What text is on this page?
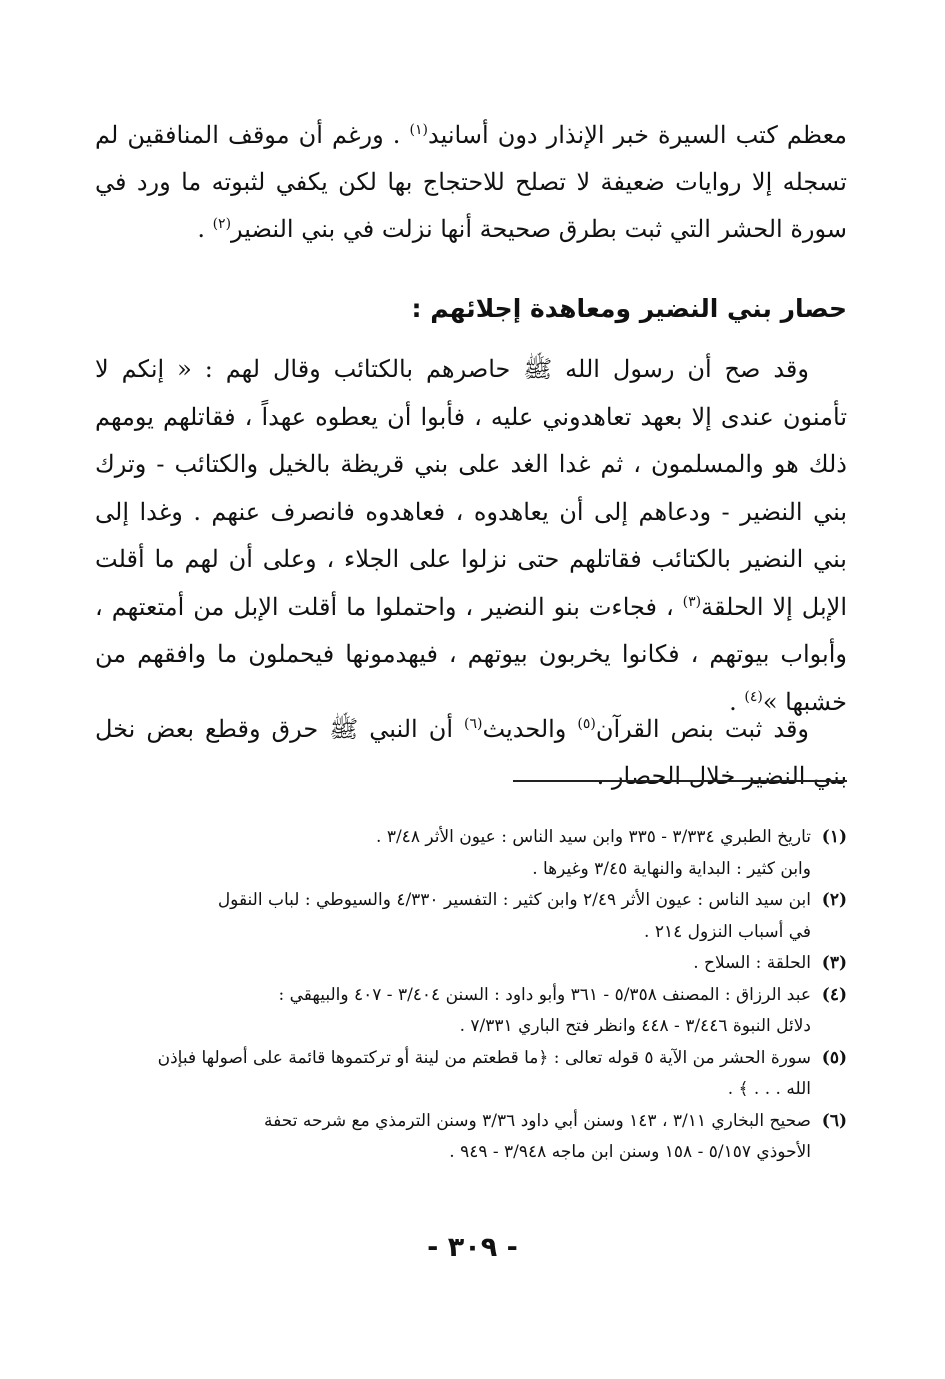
معظم كتب السيرة خبر الإنذار دون أسانيد$^{(١)}$ . ورغم أن موقف المنافقين لم تسجله إلا روايات ضعيفة لا تصلح للاحتجاج بها لكن يكفي لثبوته ما ورد في سورة الحشر التي ثبت بطرق صحيحة أنها نزلت في بني النضير$^{(٢)}$ .

حصار بني النضير ومعاهدة إجلائهم :

وقد صح أن رسول الله ﷺ حاصرهم بالكتائب وقال لهم : « إنكم لا تأمنون عندى إلا بعهد تعاهدوني عليه ، فأبوا أن يعطوه عهداً ، فقاتلهم يومهم ذلك هو والمسلمون ، ثم غدا الغد على بني قريظة بالخيل والكتائب - وترك بني النضير - ودعاهم إلى أن يعاهدوه ، فعاهدوه فانصرف عنهم . وغدا إلى بني النضير بالكتائب فقاتلهم حتى نزلوا على الجلاء ، وعلى أن لهم ما أقلت الإبل إلا الحلقة$^{(٣)}$ ، فجاءت بنو النضير ، واحتملوا ما أقلت الإبل من أمتعتهم ، وأبواب بيوتهم ، فكانوا يخربون بيوتهم ، فيهدمونها فيحملون ما وافقهم من خشبها »$^{(٤)}$ .

وقد ثبت بنص القرآن$^{(٥)}$ والحديث$^{(٦)}$ أن النبي ﷺ حرق وقطع بعض نخل بني النضير خلال الحصار .

(١)
تاريخ الطبري ٣/٣٣٤ - ٣٣٥ وابن سيد الناس : عيون الأثر ٣/٤٨ .
وابن كثير : البداية والنهاية ٣/٤٥ وغيرها .
(٢)
ابن سيد الناس : عيون الأثر ٢/٤٩ وابن كثير : التفسير ٤/٣٣٠ والسيوطي : لباب النقول
في أسباب النزول ٢١٤ .
(٣)
الحلقة : السلاح .
(٤)
عبد الرزاق : المصنف ٥/٣٥٨ - ٣٦١ وأبو داود : السنن ٣/٤٠٤ - ٤٠٧ والبيهقي :
دلائل النبوة ٣/٤٤٦ - ٤٤٨ وانظر فتح الباري ٧/٣٣١ .
(٥)
سورة الحشر من الآية ٥ قوله تعالى : ﴿ما قطعتم من لينة أو تركتموها قائمة على أصولها فبإذن
الله . . . ﴾ .
(٦)
صحيح البخاري ٣/١١ ، ١٤٣ وسنن أبي داود ٣/٣٦ وسنن الترمذي مع شرحه تحفة
الأحوذي ٥/١٥٧ - ١٥٨ وسنن ابن ماجه ٣/٩٤٨ - ٩٤٩ .
- ٣٠٩ -
